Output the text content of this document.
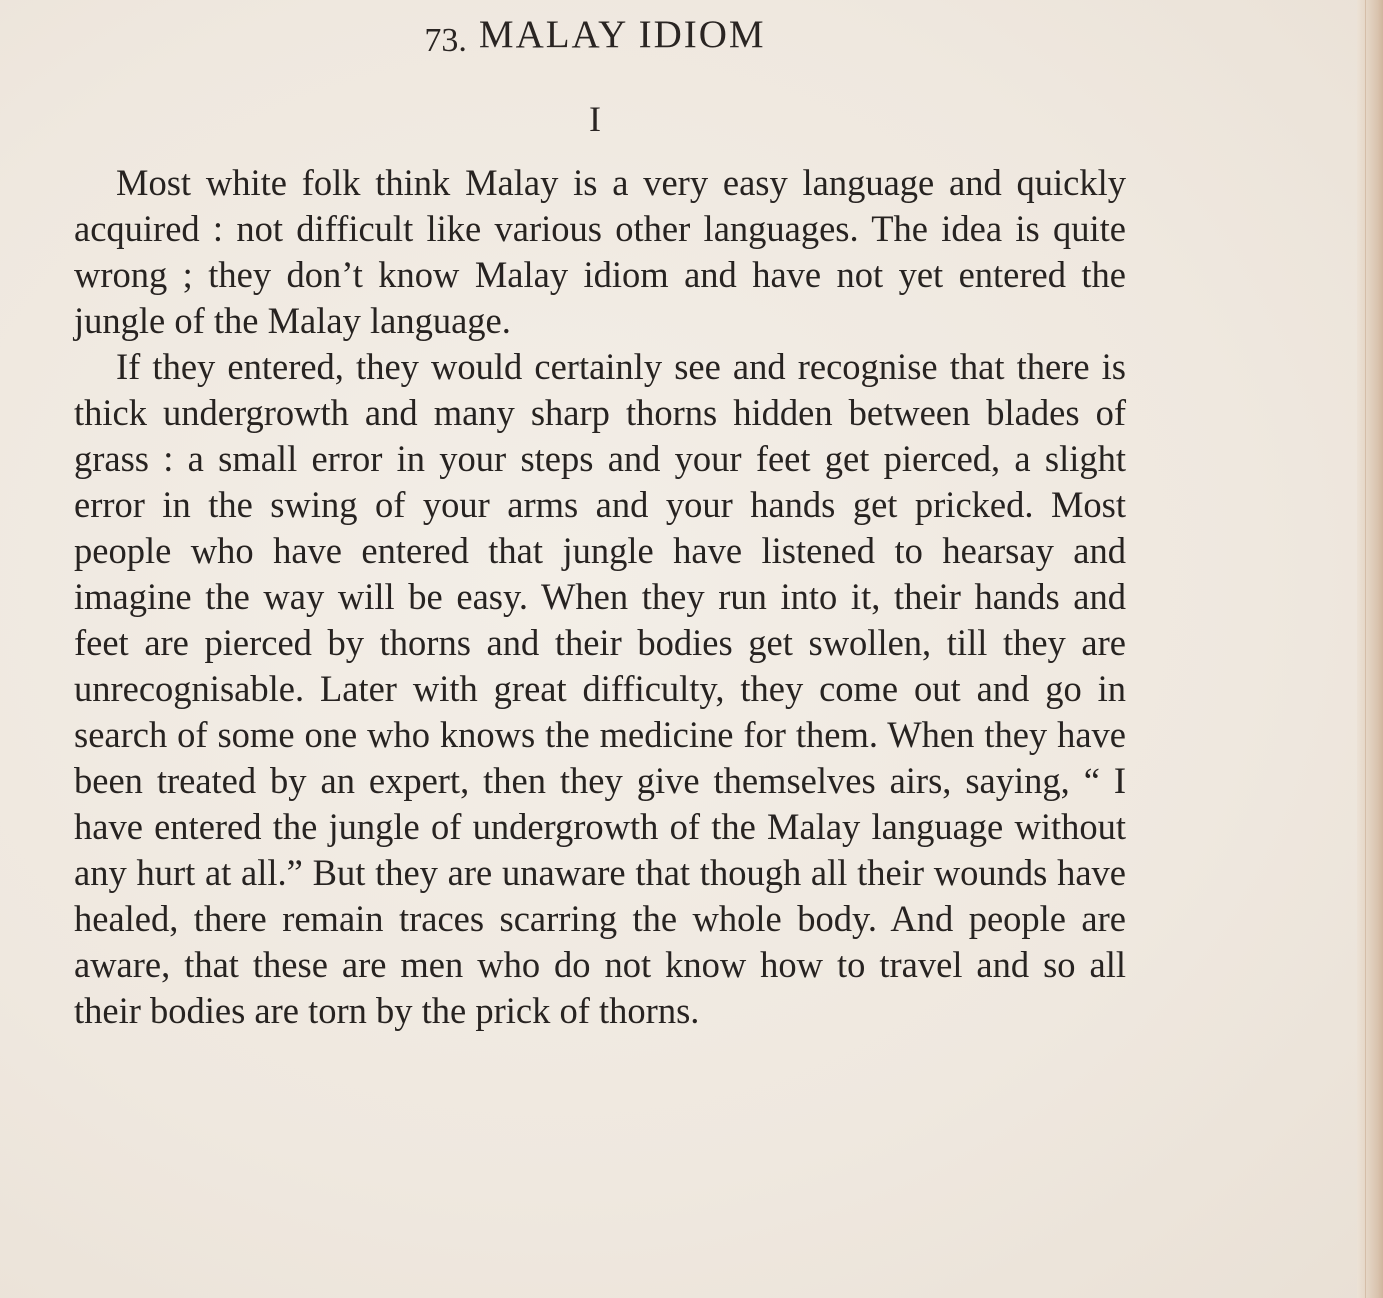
73. MALAY IDIOM
I

Most white folk think Malay is a very easy language and quickly acquired : not difficult like various other languages. The idea is quite wrong ; they don’t know Malay idiom and have not yet entered the jungle of the Malay language.

If they entered, they would certainly see and recognise that there is thick undergrowth and many sharp thorns hidden between blades of grass : a small error in your steps and your feet get pierced, a slight error in the swing of your arms and your hands get pricked. Most people who have entered that jungle have listened to hearsay and imagine the way will be easy. When they run into it, their hands and feet are pierced by thorns and their bodies get swollen, till they are unrecognisable. Later with great difficulty, they come out and go in search of some one who knows the medicine for them. When they have been treated by an expert, then they give themselves airs, saying, “ I have entered the jungle of undergrowth of the Malay language without any hurt at all.” But they are unaware that though all their wounds have healed, there remain traces scarring the whole body. And people are aware, that these are men who do not know how to travel and so all their bodies are torn by the prick of thorns.
